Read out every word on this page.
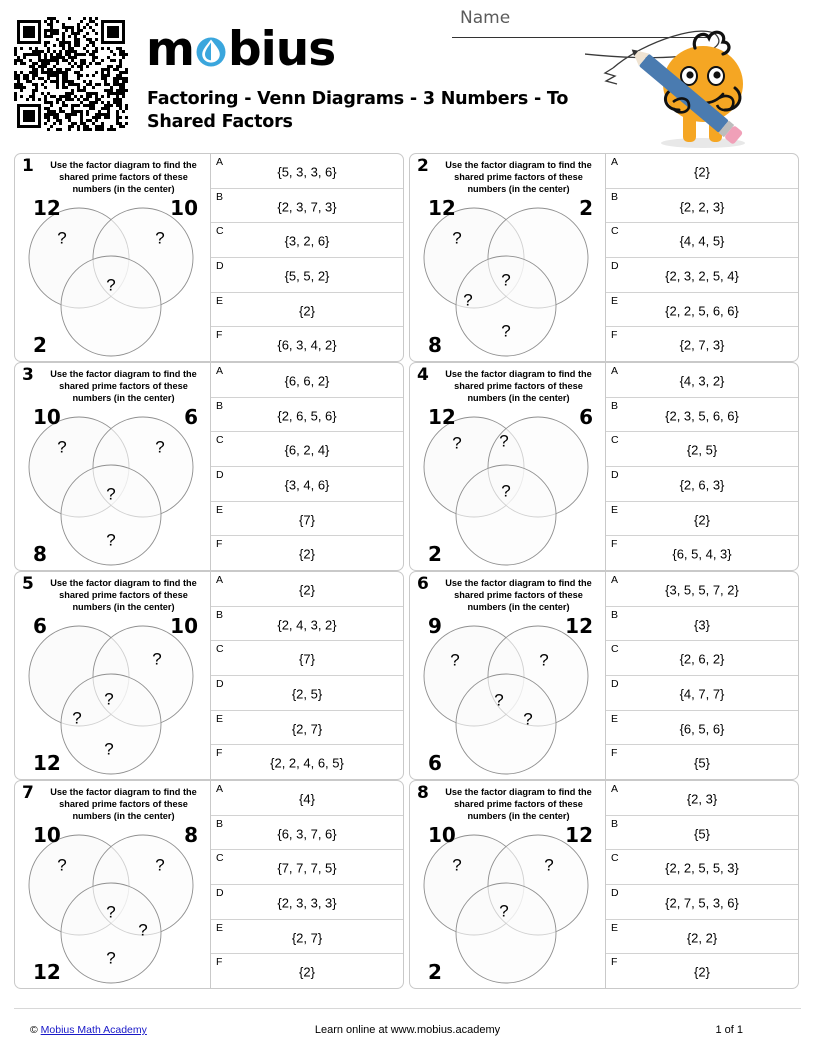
m bius
Factoring - Venn Diagrams - 3 Numbers - To Shared Factors
Name
1	Use the factor diagram to find the shared prime factors of these numbers (in the center)
12	10
2
?	?
?
A
{5, 3, 3, 6}
B
{2, 3, 7, 3}
C
{3, 2, 6}
D
{5, 5, 2}
E
{2}
F
{6, 3, 4, 2}
2	Use the factor diagram to find the shared prime factors of these numbers (in the center)
12	2
8
?
?
?
?
A
{2}
B
{2, 2, 3}
C
{4, 4, 5}
D
{2, 3, 2, 5, 4}
E
{2, 2, 5, 6, 6}
F
{2, 7, 3}
3	Use the factor diagram to find the shared prime factors of these numbers (in the center)
10	6
8
?	?
?
?
A
{6, 6, 2}
B
{2, 6, 5, 6}
C
{6, 2, 4}
D
{3, 4, 6}
E
{7}
F
{2}
4	Use the factor diagram to find the shared prime factors of these numbers (in the center)
12	6
2
? ?
?
A
{4, 3, 2}
B
{2, 3, 5, 6, 6}
C
{2, 5}
D
{2, 6, 3}
E
{2}
F
{6, 5, 4, 3}
5	Use the factor diagram to find the shared prime factors of these numbers (in the center)
6	10
12
?
?
?
?
A
{2}
B
{2, 4, 3, 2}
C
{7}
D
{2, 5}
E
{2, 7}
F
{2, 2, 4, 6, 5}
6	Use the factor diagram to find the shared prime factors of these numbers (in the center)
9	12
6
?	?
?
?
A
{3, 5, 5, 7, 2}
B
{3}
C
{2, 6, 2}
D
{4, 7, 7}
E
{6, 5, 6}
F
{5}
7	Use the factor diagram to find the shared prime factors of these numbers (in the center)
10	8
12
?	?
?
?
?
A
{4}
B
{6, 3, 7, 6}
C
{7, 7, 7, 5}
D
{2, 3, 3, 3}
E
{2, 7}
F
{2}
8	Use the factor diagram to find the shared prime factors of these numbers (in the center)
10	12
2
?	?
?
A
{2, 3}
B
{5}
C
{2, 2, 5, 5, 3}
D
{2, 7, 5, 3, 6}
E
{2, 2}
F
{2}
© Mobius Math Academy	Learn online at www.mobius.academy	1 of 1
